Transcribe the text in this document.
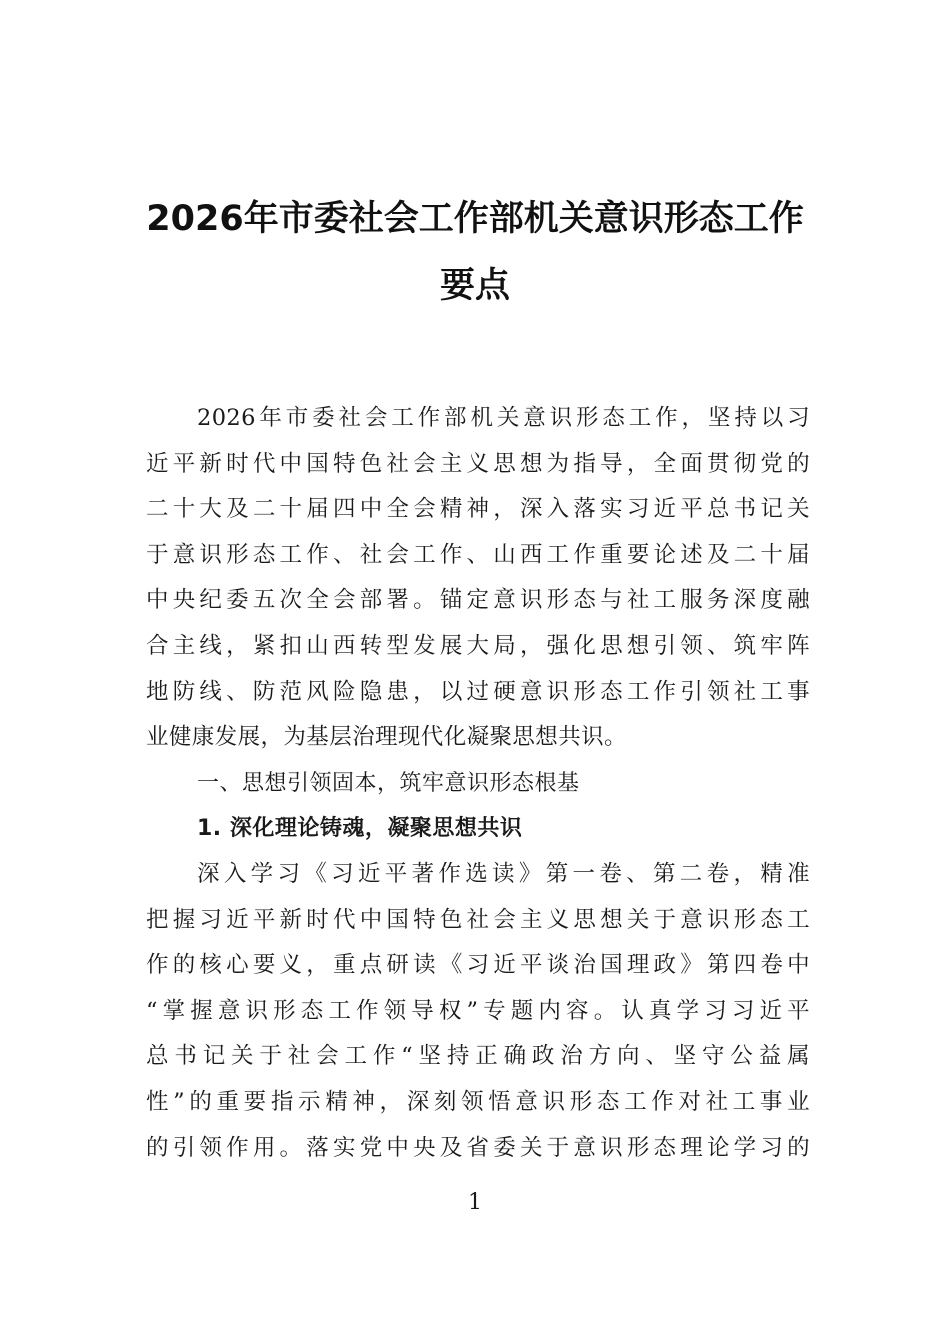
2026年市委社会工作部机关意识形态工作
要点
2026年市委社会工作部机关意识形态工作，坚持以习
近平新时代中国特色社会主义思想为指导，全面贯彻党的
二十大及二十届四中全会精神，深入落实习近平总书记关
于意识形态工作、社会工作、山西工作重要论述及二十届
中央纪委五次全会部署。锚定意识形态与社工服务深度融
合主线，紧扣山西转型发展大局，强化思想引领、筑牢阵
地防线、防范风险隐患，以过硬意识形态工作引领社工事
业健康发展，为基层治理现代化凝聚思想共识。
一、思想引领固本，筑牢意识形态根基
1. 深化理论铸魂，凝聚思想共识
深入学习《习近平著作选读》第一卷、第二卷，精准
把握习近平新时代中国特色社会主义思想关于意识形态工
作的核心要义，重点研读《习近平谈治国理政》第四卷中
“掌握意识形态工作领导权”专题内容。认真学习习近平
总书记关于社会工作“坚持正确政治方向、坚守公益属
性”的重要指示精神，深刻领悟意识形态工作对社工事业
的引领作用。落实党中央及省委关于意识形态理论学习的
1
